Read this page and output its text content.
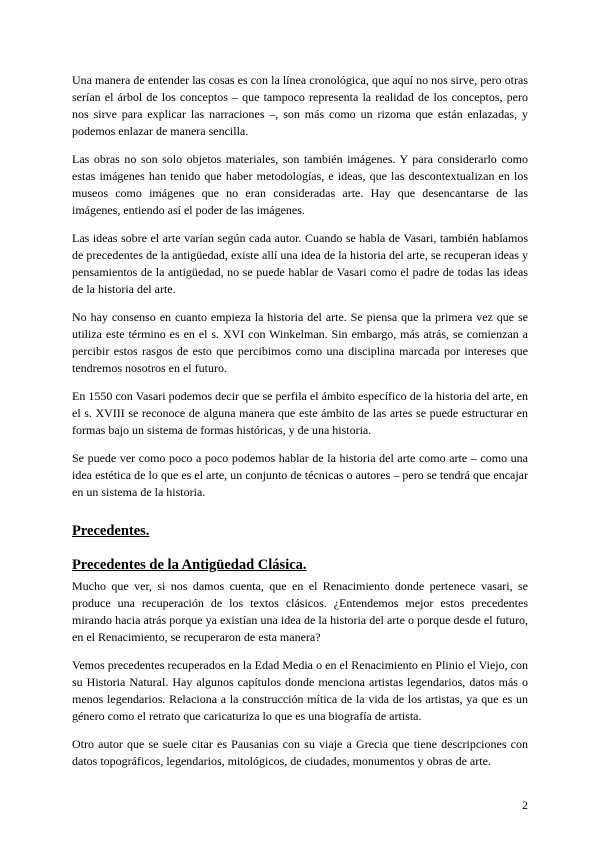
Una manera de entender las cosas es con la línea cronológica, que aquí no nos sirve, pero otras serían el árbol de los conceptos – que tampoco representa la realidad de los conceptos, pero nos sirve para explicar las narraciones –, son más como un rizoma que están enlazadas, y podemos enlazar de manera sencilla.

Las obras no son solo objetos materiales, son también imágenes. Y para considerarlo como estas imágenes han tenido que haber metodologías, e ideas, que las descontextualizan en los museos como imágenes que no eran consideradas arte. Hay que desencantarse de las imágenes, entiendo así el poder de las imágenes.

Las ideas sobre el arte varían según cada autor. Cuando se habla de Vasari, también hablamos de precedentes de la antigüedad, existe allí una idea de la historia del arte, se recuperan ideas y pensamientos de la antigüedad, no se puede hablar de Vasari como el padre de todas las ideas de la historia del arte.

No hay consenso en cuanto empieza la historia del arte. Se piensa que la primera vez que se utiliza este término es en el s. XVI con Winkelman. Sin embargo, más atrás, se comienzan a percibir estos rasgos de esto que percibimos como una disciplina marcada por intereses que tendremos nosotros en el futuro.

En 1550 con Vasari podemos decir que se perfila el ámbito específico de la historia del arte, en el s. XVIII se reconoce de alguna manera que este ámbito de las artes se puede estructurar en formas bajo un sistema de formas históricas, y de una historia.

Se puede ver como poco a poco podemos hablar de la historia del arte como arte – como una idea estética de lo que es el arte, un conjunto de técnicas o autores – pero se tendrá que encajar en un sistema de la historia.

Precedentes.
Precedentes de la Antigüedad Clásica.

Mucho que ver, si nos damos cuenta, que en el Renacimiento donde pertenece vasari, se produce una recuperación de los textos clásicos. ¿Entendemos mejor estos precedentes mirando hacia atrás porque ya existían una idea de la historia del arte o porque desde el futuro, en el Renacimiento, se recuperaron de esta manera?

Vemos precedentes recuperados en la Edad Media o en el Renacimiento en Plinio el Viejo, con su Historia Natural. Hay algunos capítulos donde menciona artistas legendarios, datos más o menos legendarios. Relaciona a la construcción mítica de la vida de los artistas, ya que es un género como el retrato que caricaturiza lo que es una biografía de artista.

Otro autor que se suele citar es Pausanias con su viaje a Grecia que tiene descripciones con datos topográficos, legendarios, mitológicos, de ciudades, monumentos y obras de arte.

2
